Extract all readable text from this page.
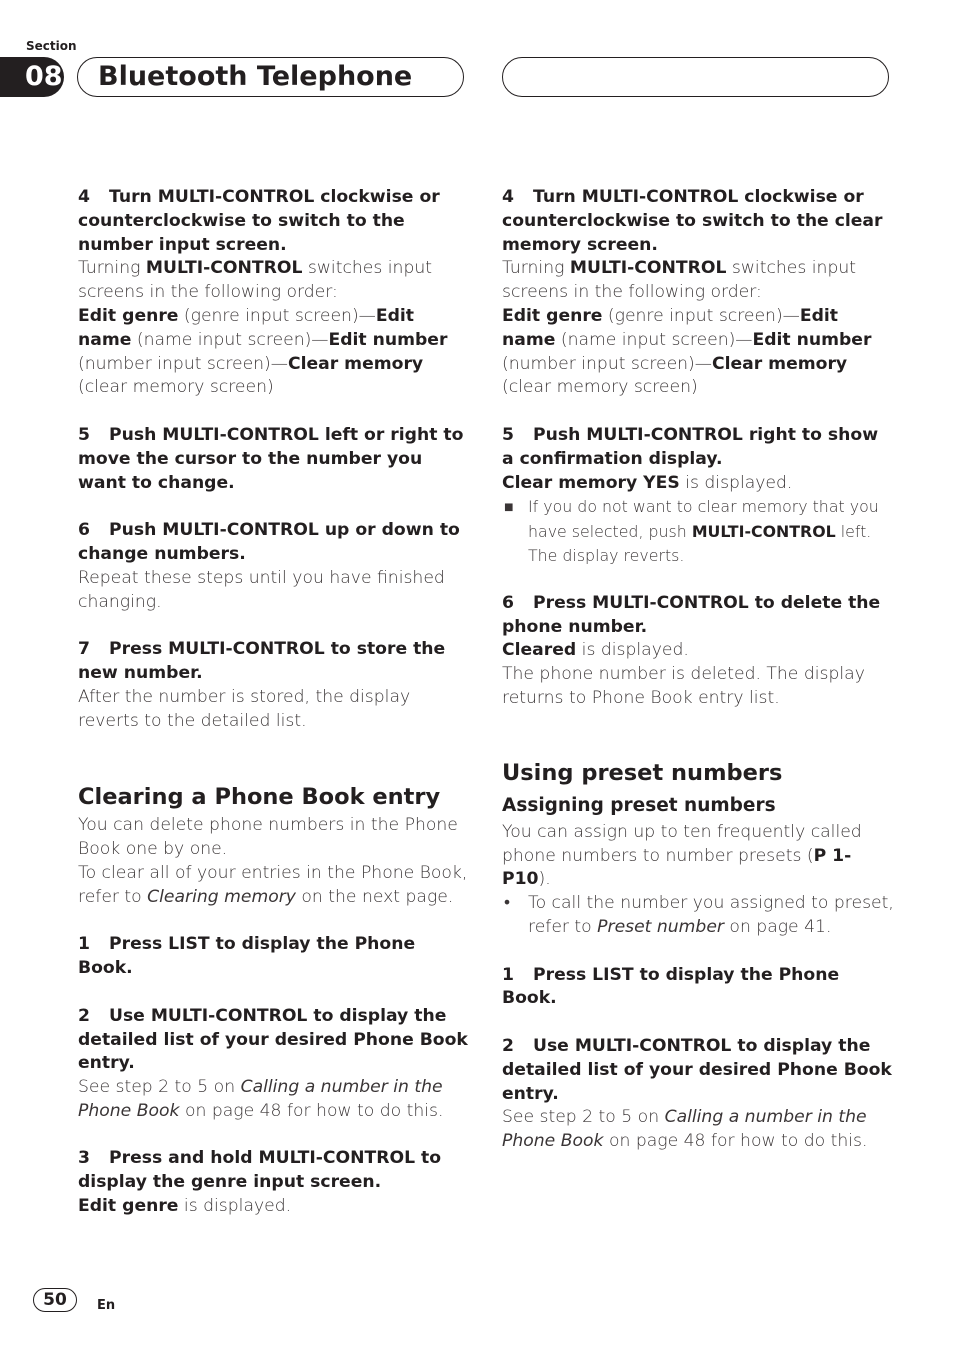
Section
08 Bluetooth Telephone

4 Turn MULTI-CONTROL clockwise or counterclockwise to switch to the number input screen.

Turning MULTI-CONTROL switches input screens in the following order:

Edit genre (genre input screen)—Edit name (name input screen)—Edit number (number input screen)—Clear memory (clear memory screen)

5 Push MULTI-CONTROL left or right to move the cursor to the number you want to change.

6 Push MULTI-CONTROL up or down to change numbers.

Repeat these steps until you have finished changing.

7 Press MULTI-CONTROL to store the new number.

After the number is stored, the display reverts to the detailed list.

Clearing a Phone Book entry

You can delete phone numbers in the Phone Book one by one.

To clear all of your entries in the Phone Book, refer to Clearing memory on the next page.

1 Press LIST to display the Phone Book.

2 Use MULTI-CONTROL to display the detailed list of your desired Phone Book entry.

See step 2 to 5 on Calling a number in the Phone Book on page 48 for how to do this.

3 Press and hold MULTI-CONTROL to display the genre input screen.

Edit genre is displayed.

4 Turn MULTI-CONTROL clockwise or counterclockwise to switch to the clear memory screen.

Turning MULTI-CONTROL switches input screens in the following order:

Edit genre (genre input screen)—Edit name (name input screen)—Edit number (number input screen)—Clear memory (clear memory screen)

5 Push MULTI-CONTROL right to show a confirmation display.

Clear memory YES is displayed.

■ If you do not want to clear memory that you have selected, push MULTI-CONTROL left. The display reverts.

6 Press MULTI-CONTROL to delete the phone number.

Cleared is displayed.

The phone number is deleted. The display returns to Phone Book entry list.

Using preset numbers

Assigning preset numbers

You can assign up to ten frequently called phone numbers to number presets (P 1-P10).

• To call the number you assigned to preset, refer to Preset number on page 41.

1 Press LIST to display the Phone Book.

2 Use MULTI-CONTROL to display the detailed list of your desired Phone Book entry.

See step 2 to 5 on Calling a number in the Phone Book on page 48 for how to do this.

50	En
